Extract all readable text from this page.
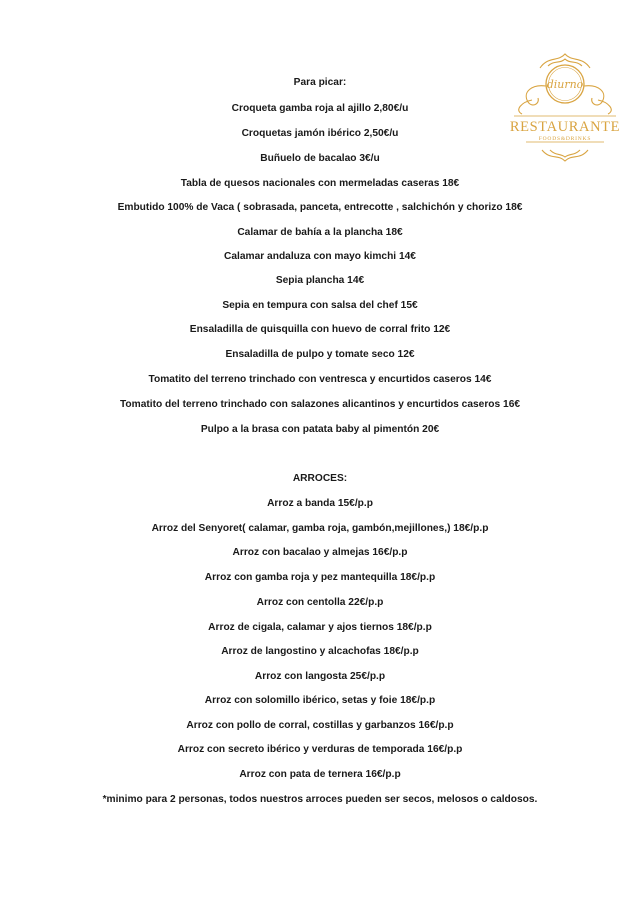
Para picar:
Croqueta gamba roja al ajillo 2,80€/u
Croquetas jamón ibérico 2,50€/u
Buñuelo de bacalao 3€/u
Tabla de quesos nacionales con mermeladas caseras 18€
Embutido 100% de Vaca ( sobrasada, panceta, entrecotte , salchichón y chorizo 18€
Calamar de bahía a la plancha 18€
Calamar andaluza con mayo kimchi 14€
Sepia plancha 14€
Sepia en tempura con salsa del chef 15€
Ensaladilla de quisquilla con huevo de corral frito 12€
Ensaladilla de pulpo y tomate seco 12€
Tomatito del terreno trinchado con ventresca y encurtidos caseros 14€
Tomatito del terreno trinchado con salazones alicantinos y encurtidos caseros 16€
Pulpo a la brasa con patata baby al pimentón 20€
ARROCES:
Arroz a banda 15€/p.p
Arroz del Senyoret( calamar, gamba roja, gambón,mejillones,) 18€/p.p
Arroz con bacalao y almejas 16€/p.p
Arroz con gamba roja y pez mantequilla 18€/p.p
Arroz con centolla 22€/p.p
Arroz de cigala, calamar y ajos tiernos 18€/p.p
Arroz de langostino y alcachofas 18€/p.p
Arroz con langosta 25€/p.p
Arroz con solomillo ibérico, setas y foie 18€/p.p
Arroz con pollo de corral, costillas y garbanzos 16€/p.p
Arroz con secreto ibérico y verduras de temporada 16€/p.p
Arroz con pata de ternera 16€/p.p
*minimo para 2 personas, todos nuestros arroces pueden ser secos, melosos o caldosos.
diurno
RESTAURANTE
FOODS&DRINKS
